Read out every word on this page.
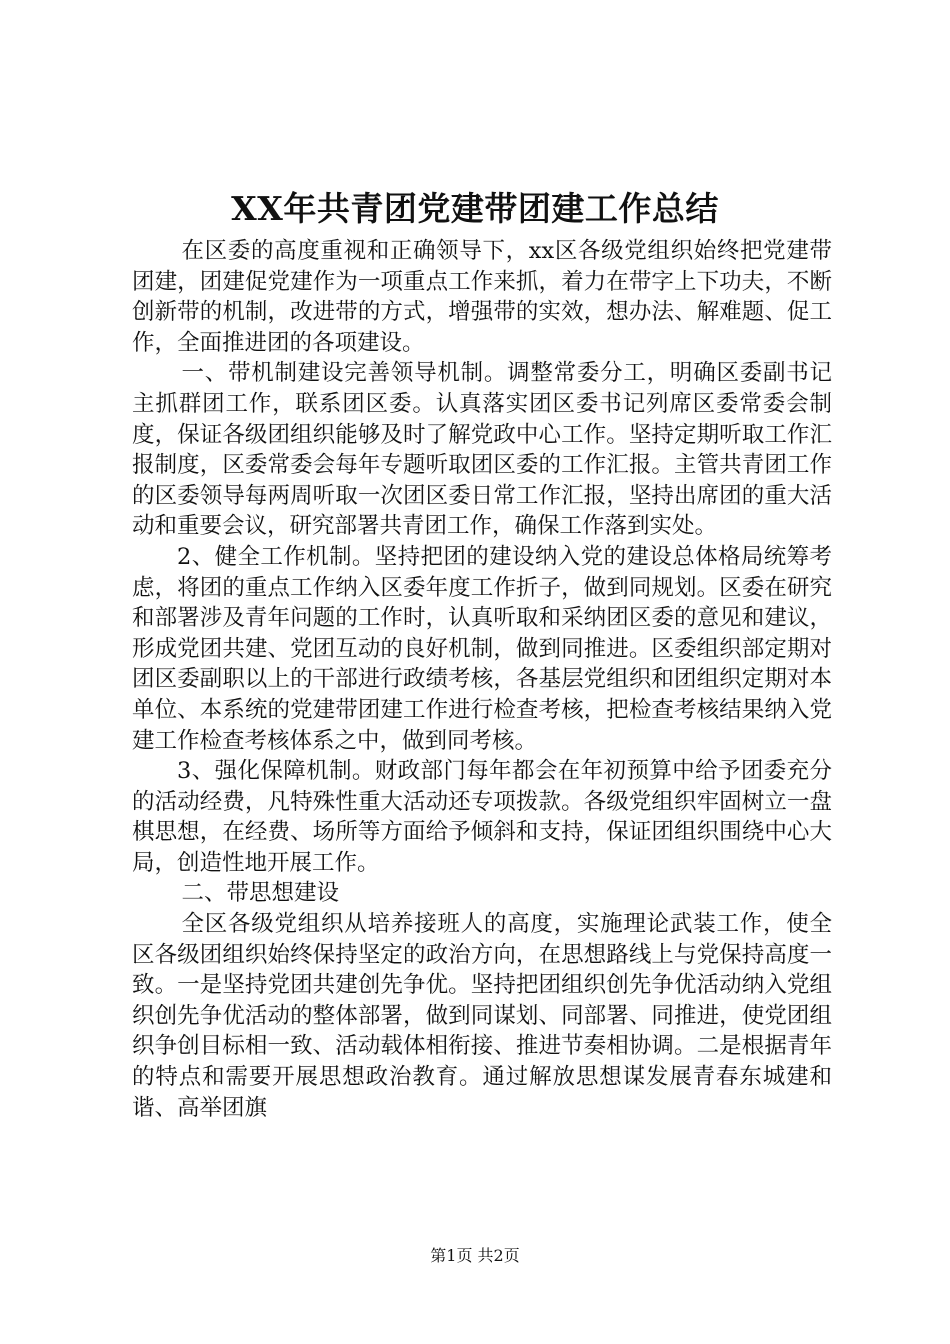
XX年共青团党建带团建工作总结

在区委的高度重视和正确领导下，xx区各级党组织始终把党建带团建，团建促党建作为一项重点工作来抓，着力在带字上下功夫，不断创新带的机制，改进带的方式，增强带的实效，想办法、解难题、促工作，全面推进团的各项建设。

一、带机制建设完善领导机制。调整常委分工，明确区委副书记主抓群团工作，联系团区委。认真落实团区委书记列席区委常委会制度，保证各级团组织能够及时了解党政中心工作。坚持定期听取工作汇报制度，区委常委会每年专题听取团区委的工作汇报。主管共青团工作的区委领导每两周听取一次团区委日常工作汇报，坚持出席团的重大活动和重要会议，研究部署共青团工作，确保工作落到实处。

2、健全工作机制。坚持把团的建设纳入党的建设总体格局统筹考虑，将团的重点工作纳入区委年度工作折子，做到同规划。区委在研究和部署涉及青年问题的工作时，认真听取和采纳团区委的意见和建议，形成党团共建、党团互动的良好机制，做到同推进。区委组织部定期对团区委副职以上的干部进行政绩考核，各基层党组织和团组织定期对本单位、本系统的党建带团建工作进行检查考核，把检查考核结果纳入党建工作检查考核体系之中，做到同考核。

3、强化保障机制。财政部门每年都会在年初预算中给予团委充分的活动经费，凡特殊性重大活动还专项拨款。各级党组织牢固树立一盘棋思想，在经费、场所等方面给予倾斜和支持，保证团组织围绕中心大局，创造性地开展工作。

二、带思想建设

全区各级党组织从培养接班人的高度，实施理论武装工作，使全区各级团组织始终保持坚定的政治方向，在思想路线上与党保持高度一致。一是坚持党团共建创先争优。坚持把团组织创先争优活动纳入党组织创先争优活动的整体部署，做到同谋划、同部署、同推进，使党团组织争创目标相一致、活动载体相衔接、推进节奏相协调。二是根据青年的特点和需要开展思想政治教育。通过解放思想谋发展青春东城建和谐、高举团旗

第1页 共2页
